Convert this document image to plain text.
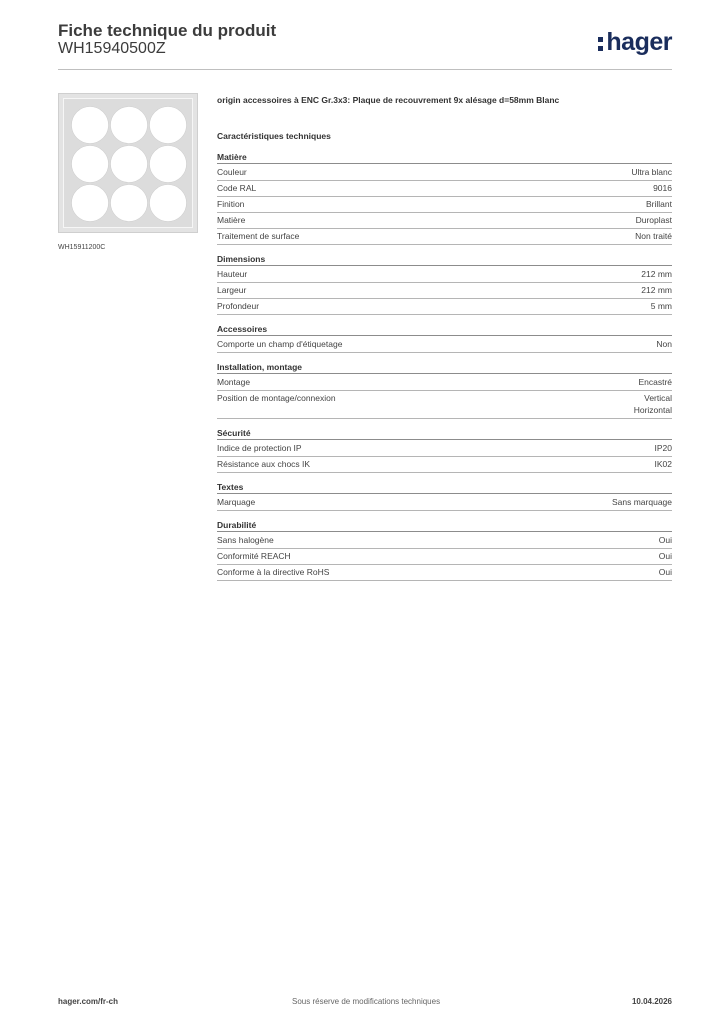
Fiche technique du produit
WH15940500Z	hager
WH15911200C
origin accessoires à ENC Gr.3x3: Plaque de recouvrement 9x alésage d=58mm Blanc
Caractéristiques techniques
Matière
Couleur	Ultra blanc
Code RAL	9016
Finition	Brillant
Matière	Duroplast
Traitement de surface	Non traité
Dimensions
Hauteur	212 mm
Largeur	212 mm
Profondeur	5 mm
Accessoires
Comporte un champ d'étiquetage	Non
Installation, montage
Montage	Encastré
Position de montage/connexion	Vertical
Horizontal
Sécurité
Indice de protection IP	IP20
Résistance aux chocs IK	IK02
Textes
Marquage	Sans marquage
Durabilité
Sans halogène	Oui
Conformité REACH	Oui
Conforme à la directive RoHS	Oui
hager.com/fr-ch	Sous réserve de modifications techniques	10.04.2026
